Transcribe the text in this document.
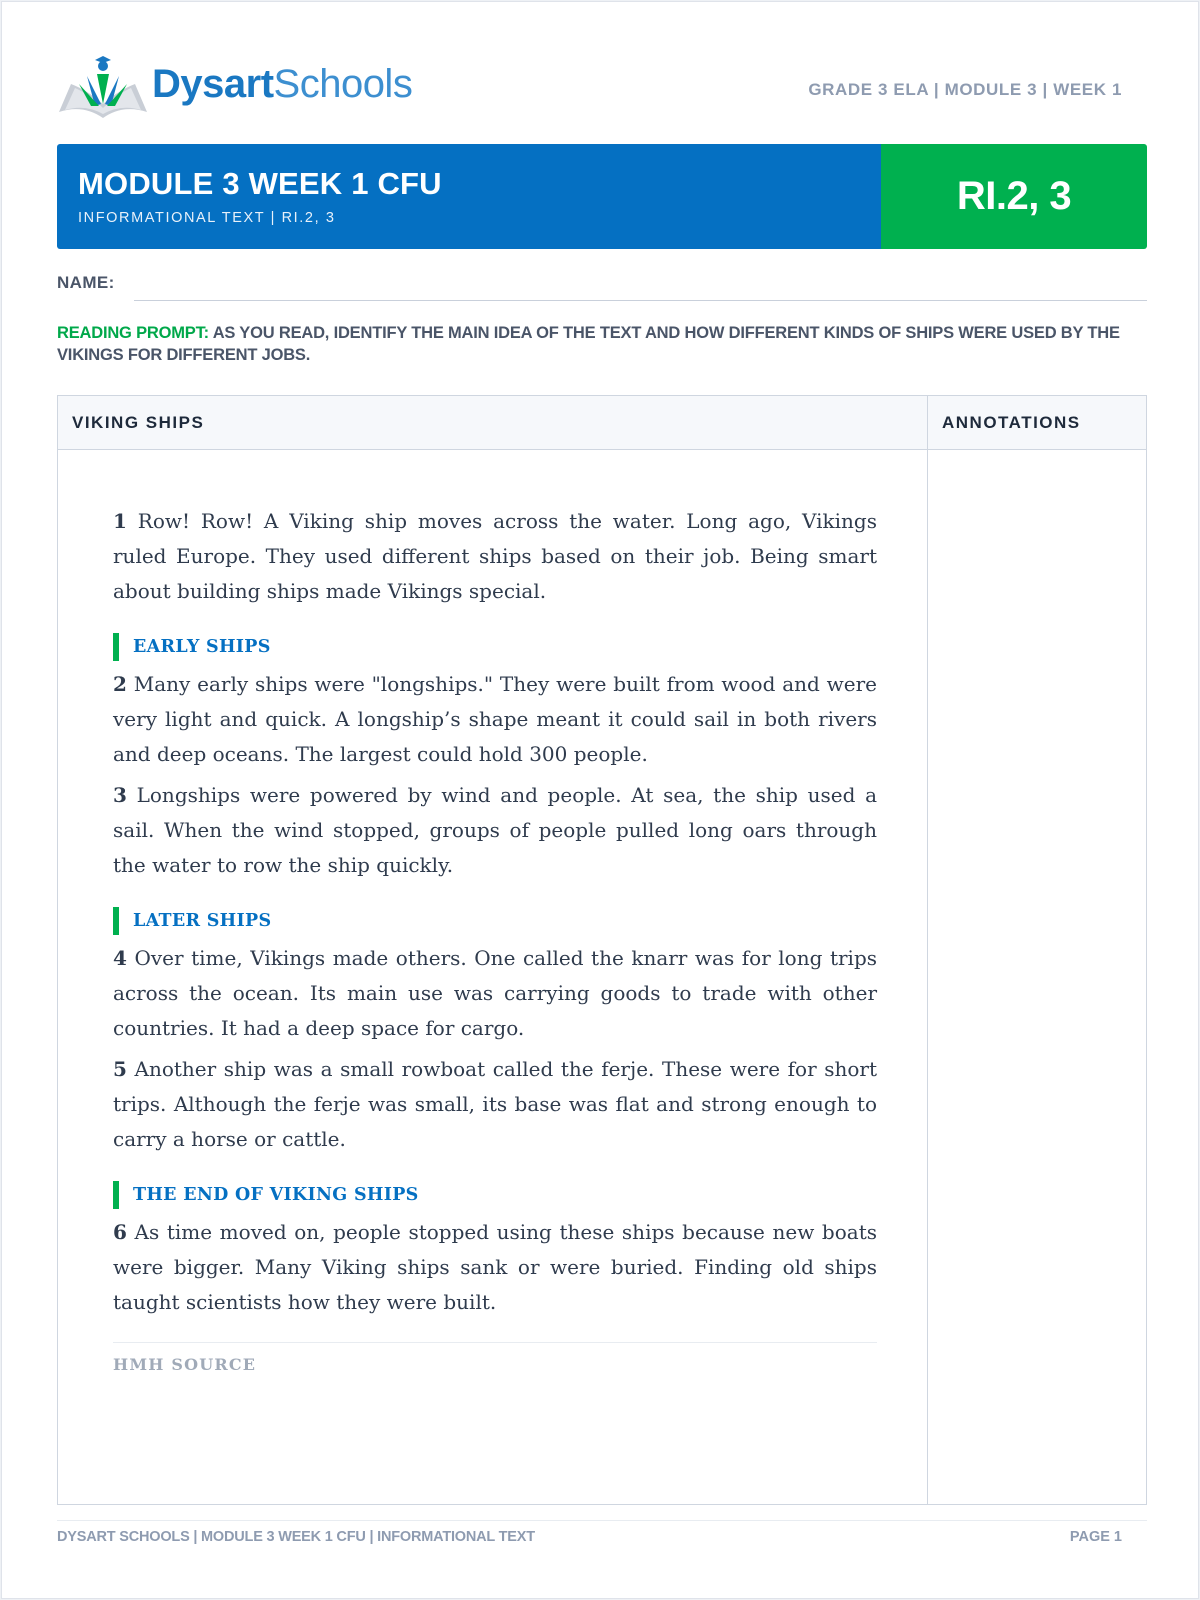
DysartSchools	GRADE 3 ELA | MODULE 3 | WEEK 1
MODULE 3 WEEK 1 CFU
INFORMATIONAL TEXT | RI.2, 3	RI.2, 3
NAME:
READING PROMPT: AS YOU READ, IDENTIFY THE MAIN IDEA OF THE TEXT AND HOW DIFFERENT KINDS OF SHIPS WERE USED BY THE VIKINGS FOR DIFFERENT JOBS.
VIKING SHIPS	ANNOTATIONS

1 Row! Row! A Viking ship moves across the water. Long ago, Vikings ruled Europe. They used different ships based on their job. Being smart about building ships made Vikings special.

EARLY SHIPS

2 Many early ships were "longships." They were built from wood and were very light and quick. A longship’s shape meant it could sail in both rivers and deep oceans. The largest could hold 300 people.

3 Longships were powered by wind and people. At sea, the ship used a sail. When the wind stopped, groups of people pulled long oars through the water to row the ship quickly.

LATER SHIPS

4 Over time, Vikings made others. One called the knarr was for long trips across the ocean. Its main use was carrying goods to trade with other countries. It had a deep space for cargo.

5 Another ship was a small rowboat called the ferje. These were for short trips. Although the ferje was small, its base was flat and strong enough to carry a horse or cattle.

THE END OF VIKING SHIPS

6 As time moved on, people stopped using these ships because new boats were bigger. Many Viking ships sank or were buried. Finding old ships taught scientists how they were built.

HMH SOURCE
DYSART SCHOOLS | MODULE 3 WEEK 1 CFU | INFORMATIONAL TEXT	PAGE 1
